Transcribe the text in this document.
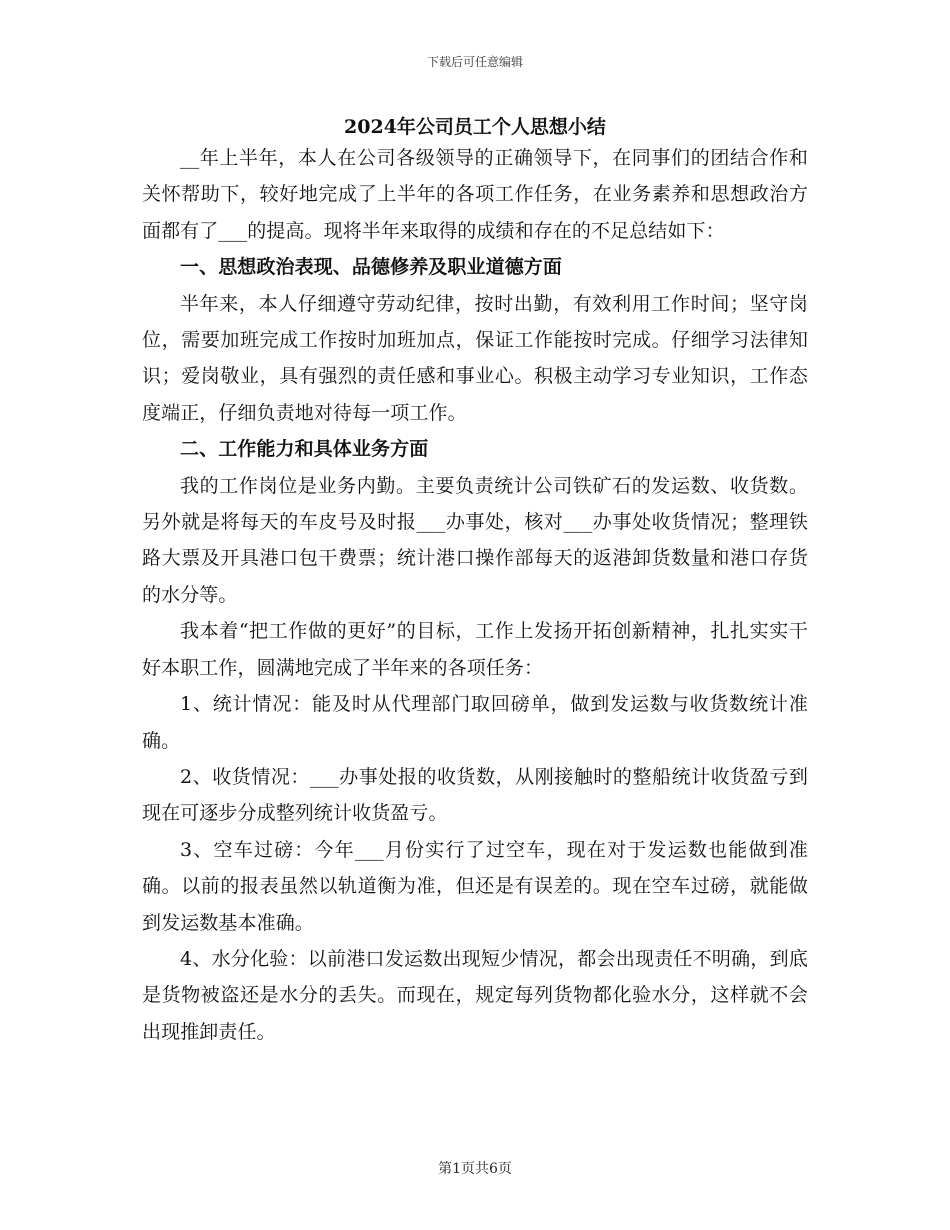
下载后可任意编辑
2024年公司员工个人思想小结

__年上半年，本人在公司各级领导的正确领导下，在同事们的团结合作和关怀帮助下，较好地完成了上半年的各项工作任务，在业务素养和思想政治方面都有了___的提高。现将半年来取得的成绩和存在的不足总结如下：

一、思想政治表现、品德修养及职业道德方面

半年来，本人仔细遵守劳动纪律，按时出勤，有效利用工作时间；坚守岗位，需要加班完成工作按时加班加点，保证工作能按时完成。仔细学习法律知识；爱岗敬业，具有强烈的责任感和事业心。积极主动学习专业知识，工作态度端正，仔细负责地对待每一项工作。

二、工作能力和具体业务方面

我的工作岗位是业务内勤。主要负责统计公司铁矿石的发运数、收货数。另外就是将每天的车皮号及时报___办事处，核对___办事处收货情况；整理铁路大票及开具港口包干费票；统计港口操作部每天的返港卸货数量和港口存货的水分等。

我本着“把工作做的更好”的目标，工作上发扬开拓创新精神，扎扎实实干好本职工作，圆满地完成了半年来的各项任务：

1、统计情况：能及时从代理部门取回磅单，做到发运数与收货数统计准确。

2、收货情况：___办事处报的收货数，从刚接触时的整船统计收货盈亏到现在可逐步分成整列统计收货盈亏。

3、空车过磅：今年___月份实行了过空车，现在对于发运数也能做到准确。以前的报表虽然以轨道衡为准，但还是有误差的。现在空车过磅，就能做到发运数基本准确。

4、水分化验：以前港口发运数出现短少情况，都会出现责任不明确，到底是货物被盗还是水分的丢失。而现在，规定每列货物都化验水分，这样就不会出现推卸责任。

第1页共6页
